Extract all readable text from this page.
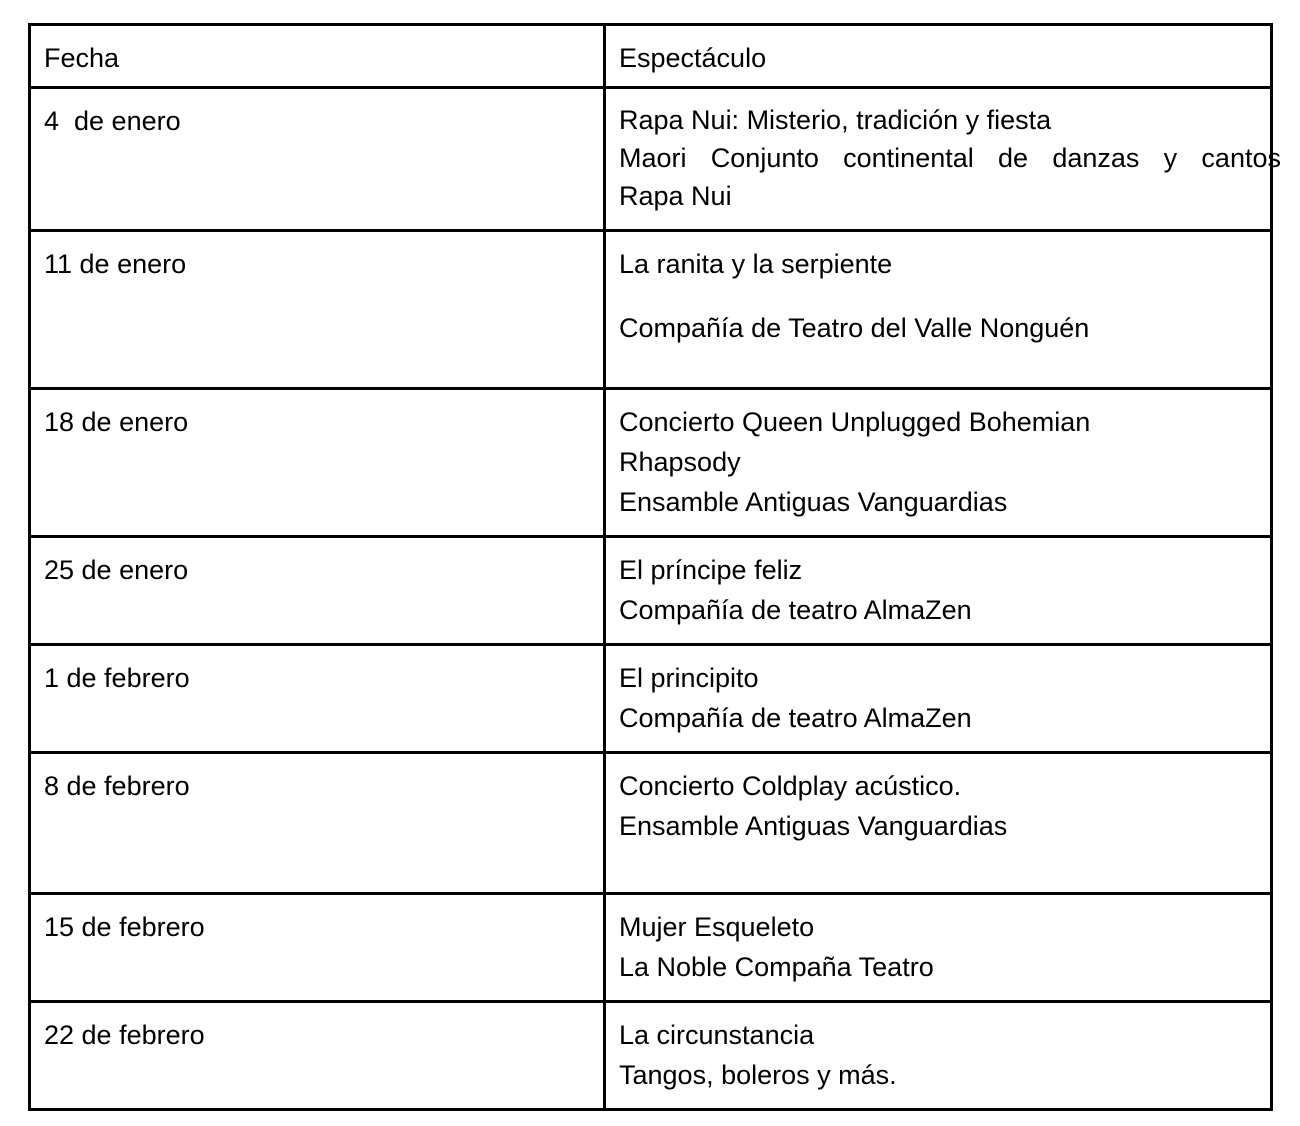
Fecha	Espectáculo

4  de enero	Rapa Nui: Misterio, tradición y fiesta
Maori Conjunto continental de danzas y cantos
Rapa Nui

11 de enero	La ranita y la serpiente
Compañía de Teatro del Valle Nonguén

18 de enero	Concierto Queen Unplugged Bohemian
Rhapsody
Ensamble Antiguas Vanguardias

25 de enero	El príncipe feliz
Compañía de teatro AlmaZen

1 de febrero	El principito
Compañía de teatro AlmaZen

8 de febrero	Concierto Coldplay acústico.
Ensamble Antiguas Vanguardias

15 de febrero	Mujer Esqueleto
La Noble Compaña Teatro

22 de febrero	La circunstancia
Tangos, boleros y más.
